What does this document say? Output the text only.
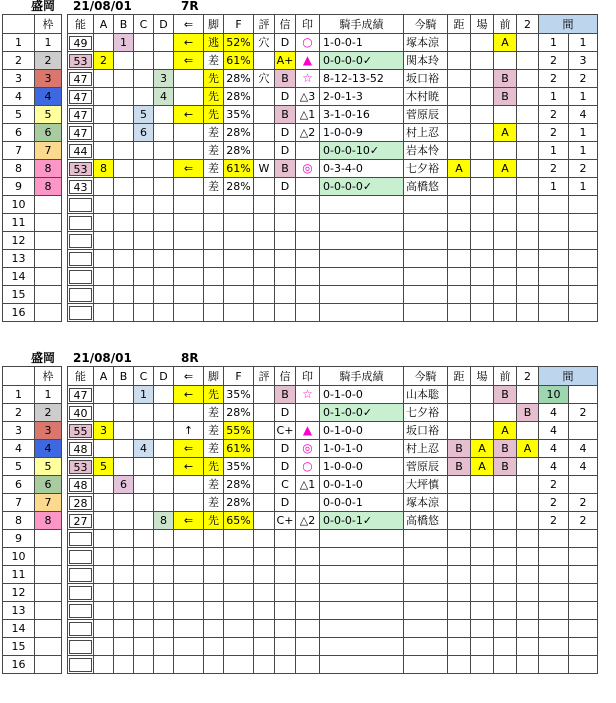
盛岡 21/08/01	7R
	枠
1	1
2	2
3	3
4	4
5	5
6	6
7	7
8	8
9	8
10	
11	
12	
13	
14	
15	
16	
能	A	B	C	D	⇐	脚	F	評	信	印	騎手成績	今騎	距	場	前	2	間	

49		1			←	逃	52%	穴	D	○	1-0-0-1	塚本涼			A		1	1

53	2				⇐	差	61%		A+	▲	0-0-0-0✓	関本玲					2	3

47				3		先	28%	穴	B	☆	8-12-13-52	坂口裕			B		2	2

47				4		先	28%		D	△3	2-0-1-3	木村暁			B		1	1

47			5		←	先	35%		B	△1	3-1-0-16	菅原辰					2	4

47			6			差	28%		D	△2	1-0-0-9	村上忍			A		2	1

44						差	28%		D		0-0-0-10✓	岩本怜					1	1

53	8				⇐	差	61%	W	B	◎	0-3-4-0	七夕裕	A		A		2	2

43						差	28%		D		0-0-0-0✓	高橋悠					1	1

盛岡 21/08/01	8R
	枠
1	1
2	2
3	3
4	4
5	5
6	6
7	7
8	8
9	
10	
11	
12	
13	
14	
15	
16	
能	A	B	C	D	⇐	脚	F	評	信	印	騎手成績	今騎	距	場	前	2	間	

47			1		←	先	35%		B	☆	0-1-0-0	山本聡			B		10	

40						差	28%		D		0-1-0-0✓	七夕裕				B	4	2

55	3				↑	差	55%		C+	▲	0-1-0-0	坂口裕			A		4	

48			4		⇐	差	61%		D	◎	1-0-1-0	村上忍	B	A	B	A	4	4

53	5				←	先	35%		D	○	1-0-0-0	菅原辰	B	A	B		4	4

48		6				差	28%		C	△1	0-0-1-0	大坪慎					2	

28						差	28%		D		0-0-0-1	塚本涼					2	2

27				8	⇐	先	65%		C+	△2	0-0-0-1✓	高橋悠					2	2
